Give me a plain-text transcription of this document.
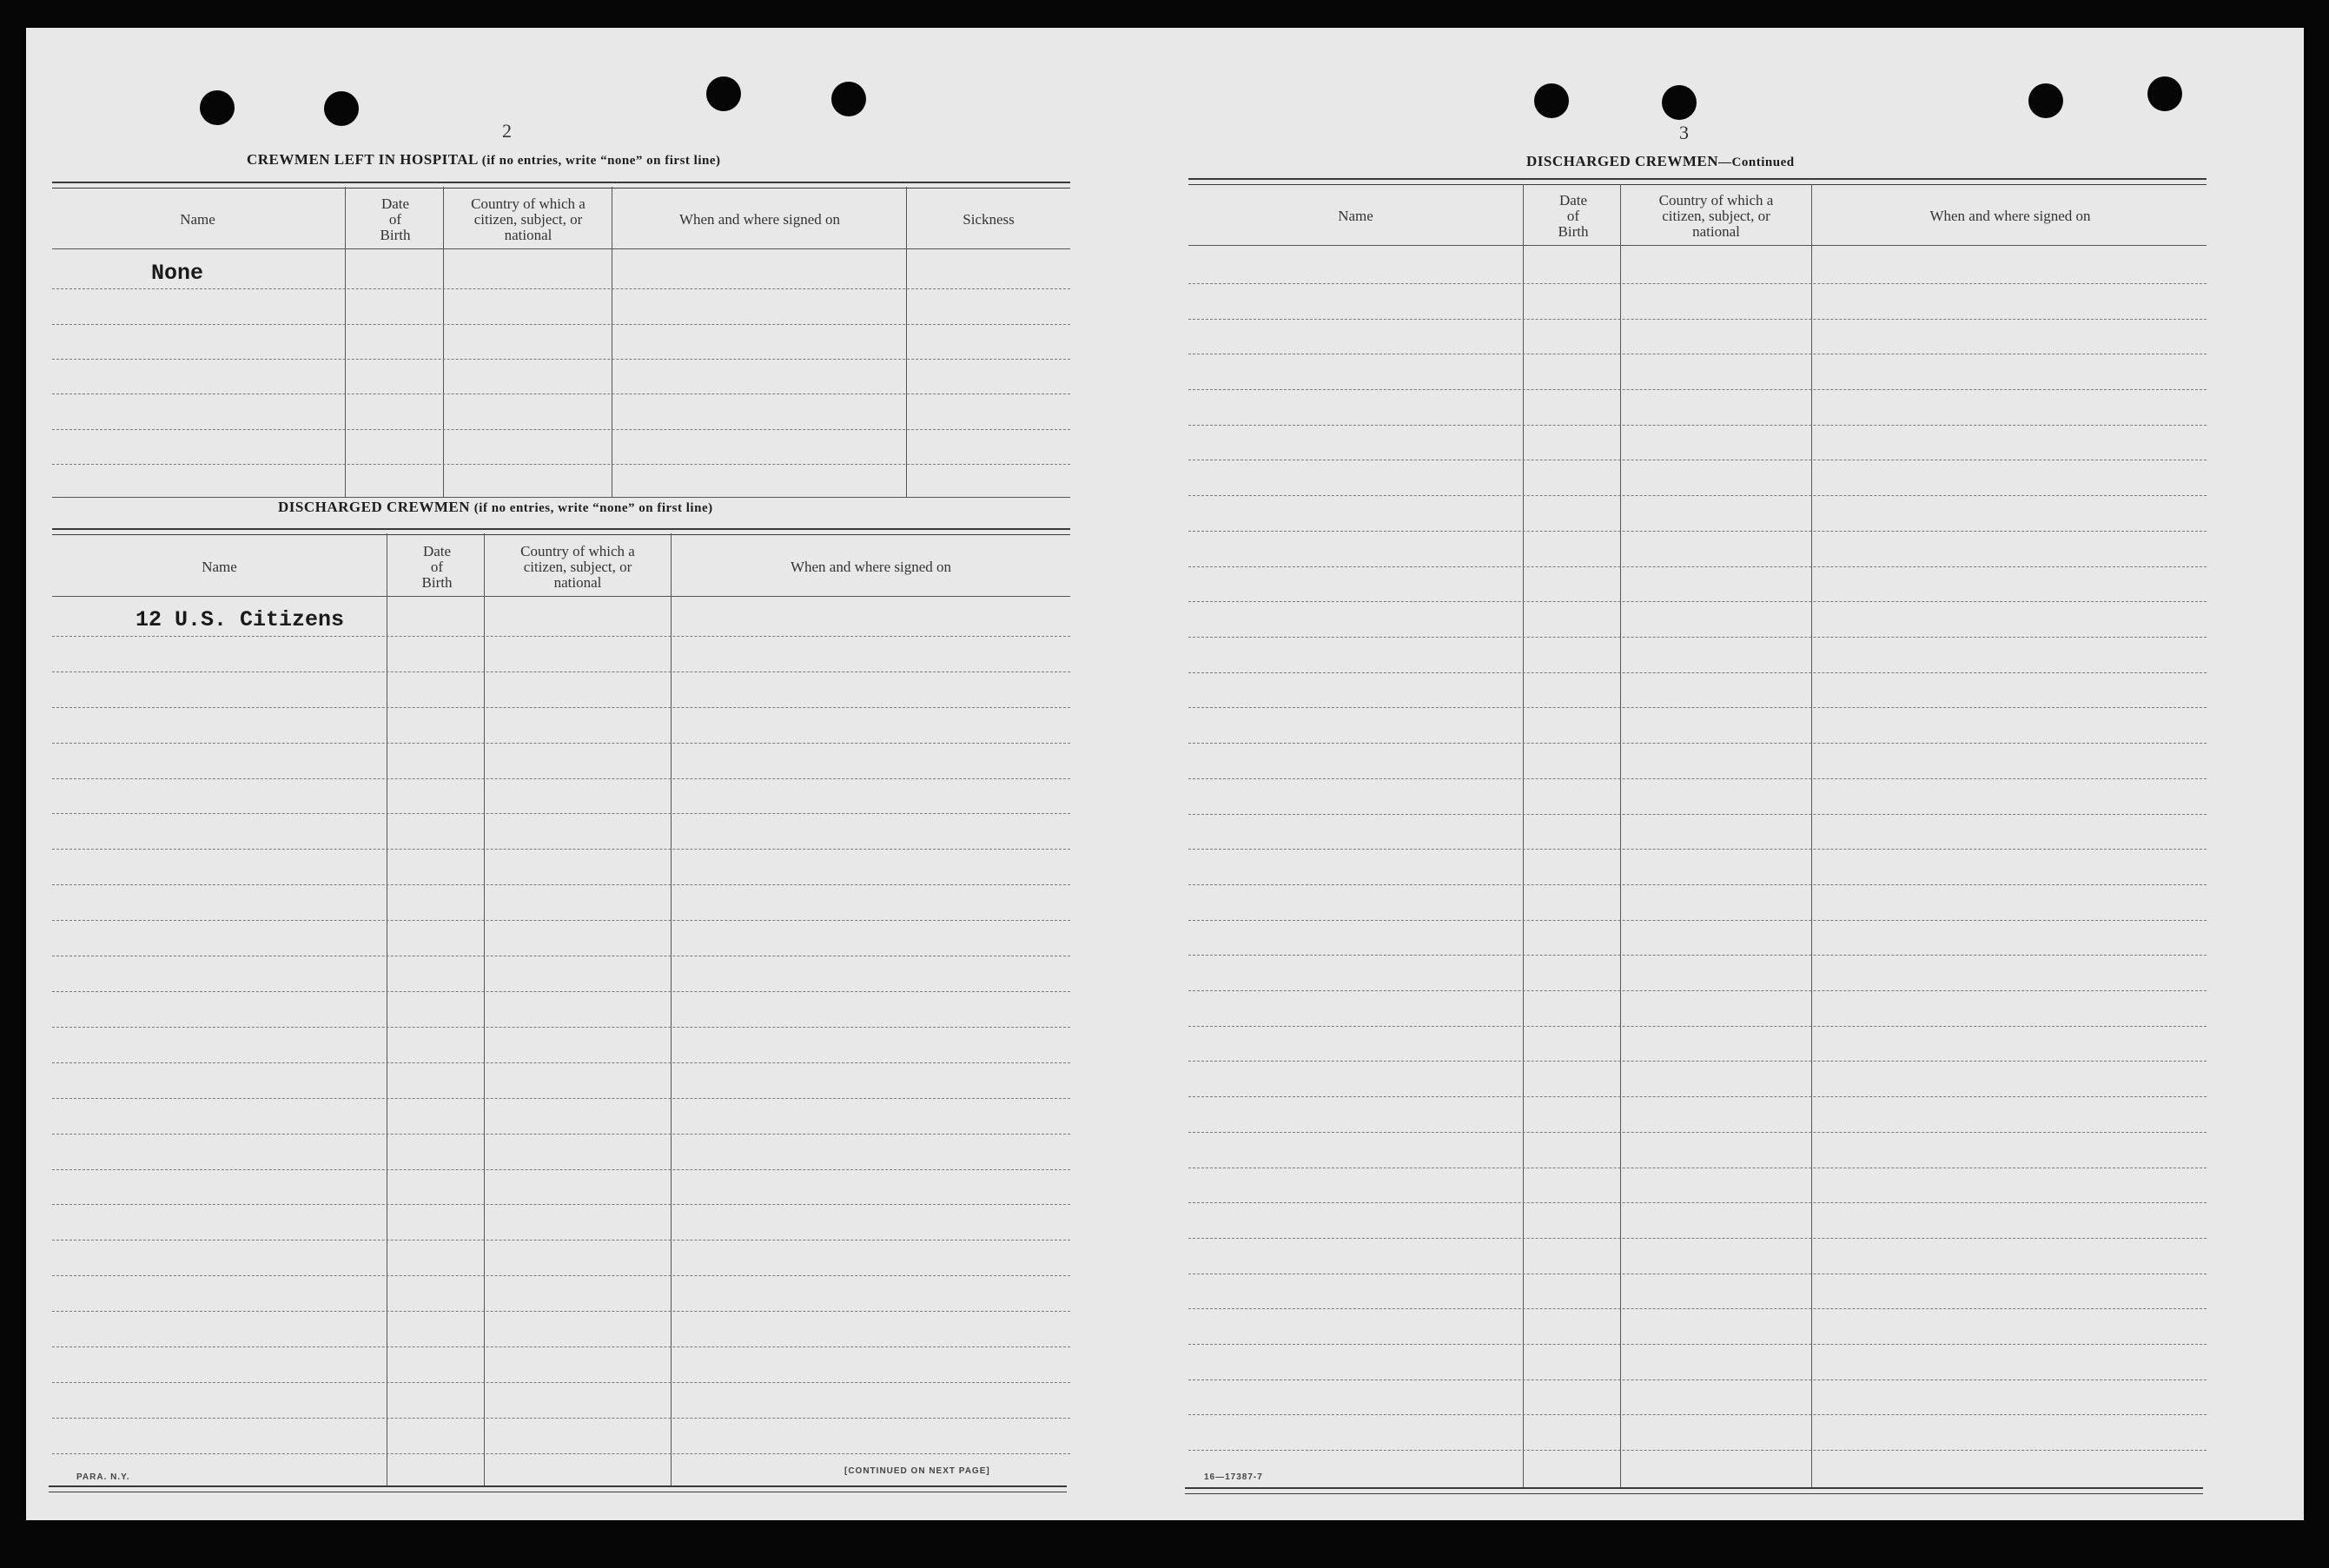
2
CREWMEN LEFT IN HOSPITAL (if no entries, write “none” on first line)
Name
Date
of
Birth
Country of which a
citizen, subject, or
national
When and where signed on	Sickness
None
DISCHARGED CREWMEN (if no entries, write “none” on first line)
Name
Date
of
Birth
Country of which a
citizen, subject, or
national
When and where signed on
12 U.S. Citizens
PARA. N.Y.
[CONTINUED ON NEXT PAGE]
3
DISCHARGED CREWMEN—Continued
Name
Date
of
Birth
Country of which a
citizen, subject, or
national
When and where signed on
16—17387-7
